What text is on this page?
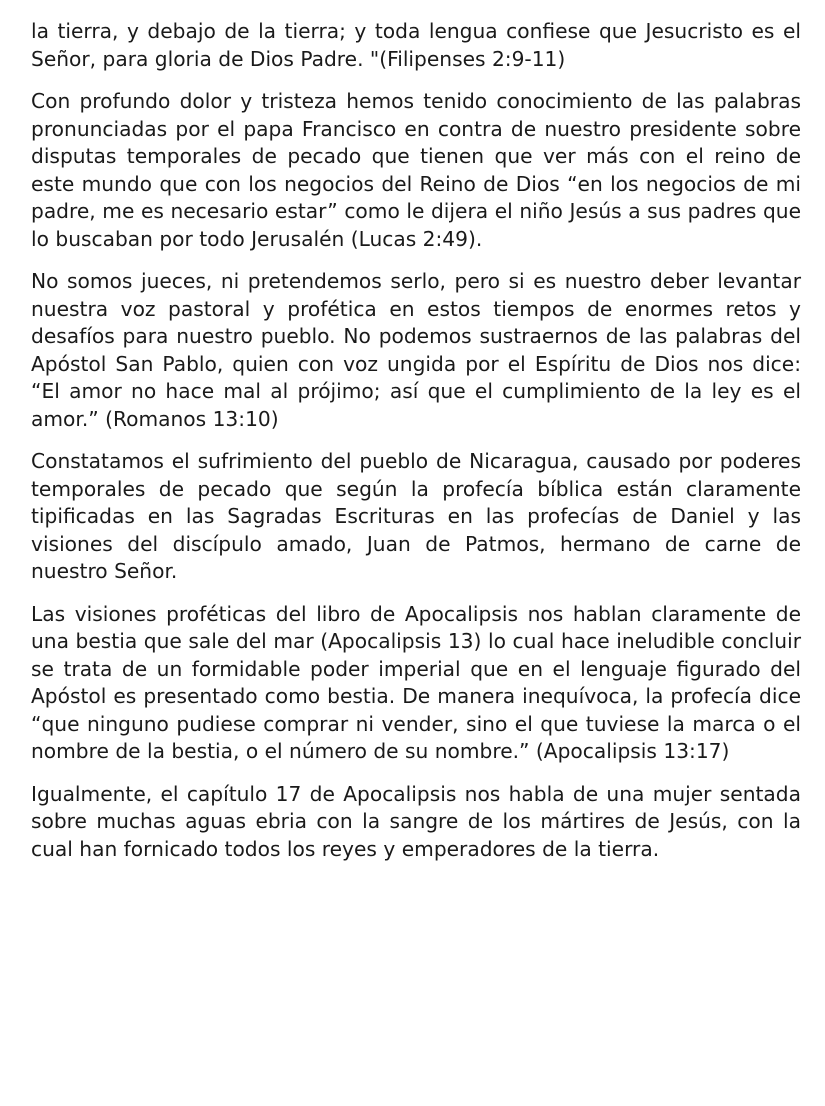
la tierra, y debajo de la tierra; y toda lengua confiese que Jesucristo es el Señor, para gloria de Dios Padre. "(Filipenses 2:9-11)

Con profundo dolor y tristeza hemos tenido conocimiento de las palabras pronunciadas por el papa Francisco en contra de nuestro presidente sobre disputas temporales de pecado que tienen que ver más con el reino de este mundo que con los negocios del Reino de Dios “en los negocios de mi padre, me es necesario estar” como le dijera el niño Jesús a sus padres que lo buscaban por todo Jerusalén (Lucas 2:49).

No somos jueces, ni pretendemos serlo, pero si es nuestro deber levantar nuestra voz pastoral y profética en estos tiempos de enormes retos y desafíos para nuestro pueblo. No podemos sustraernos de las palabras del Apóstol San Pablo, quien con voz ungida por el Espíritu de Dios nos dice: “El amor no hace mal al prójimo; así que el cumplimiento de la ley es el amor.” (Romanos 13:10)

Constatamos el sufrimiento del pueblo de Nicaragua, causado por poderes temporales de pecado que según la profecía bíblica están claramente tipificadas en las Sagradas Escrituras en las profecías de Daniel y las visiones del discípulo amado, Juan de Patmos, hermano de carne de nuestro Señor.

Las visiones proféticas del libro de Apocalipsis nos hablan claramente de una bestia que sale del mar (Apocalipsis 13) lo cual hace ineludible concluir se trata de un formidable poder imperial que en el lenguaje figurado del Apóstol es presentado como bestia. De manera inequívoca, la profecía dice “que ninguno pudiese comprar ni vender, sino el que tuviese la marca o el nombre de la bestia, o el número de su nombre.” (Apocalipsis 13:17)

Igualmente, el capítulo 17 de Apocalipsis nos habla de una mujer sentada sobre muchas aguas ebria con la sangre de los mártires de Jesús, con la cual han fornicado todos los reyes y emperadores de la tierra.
